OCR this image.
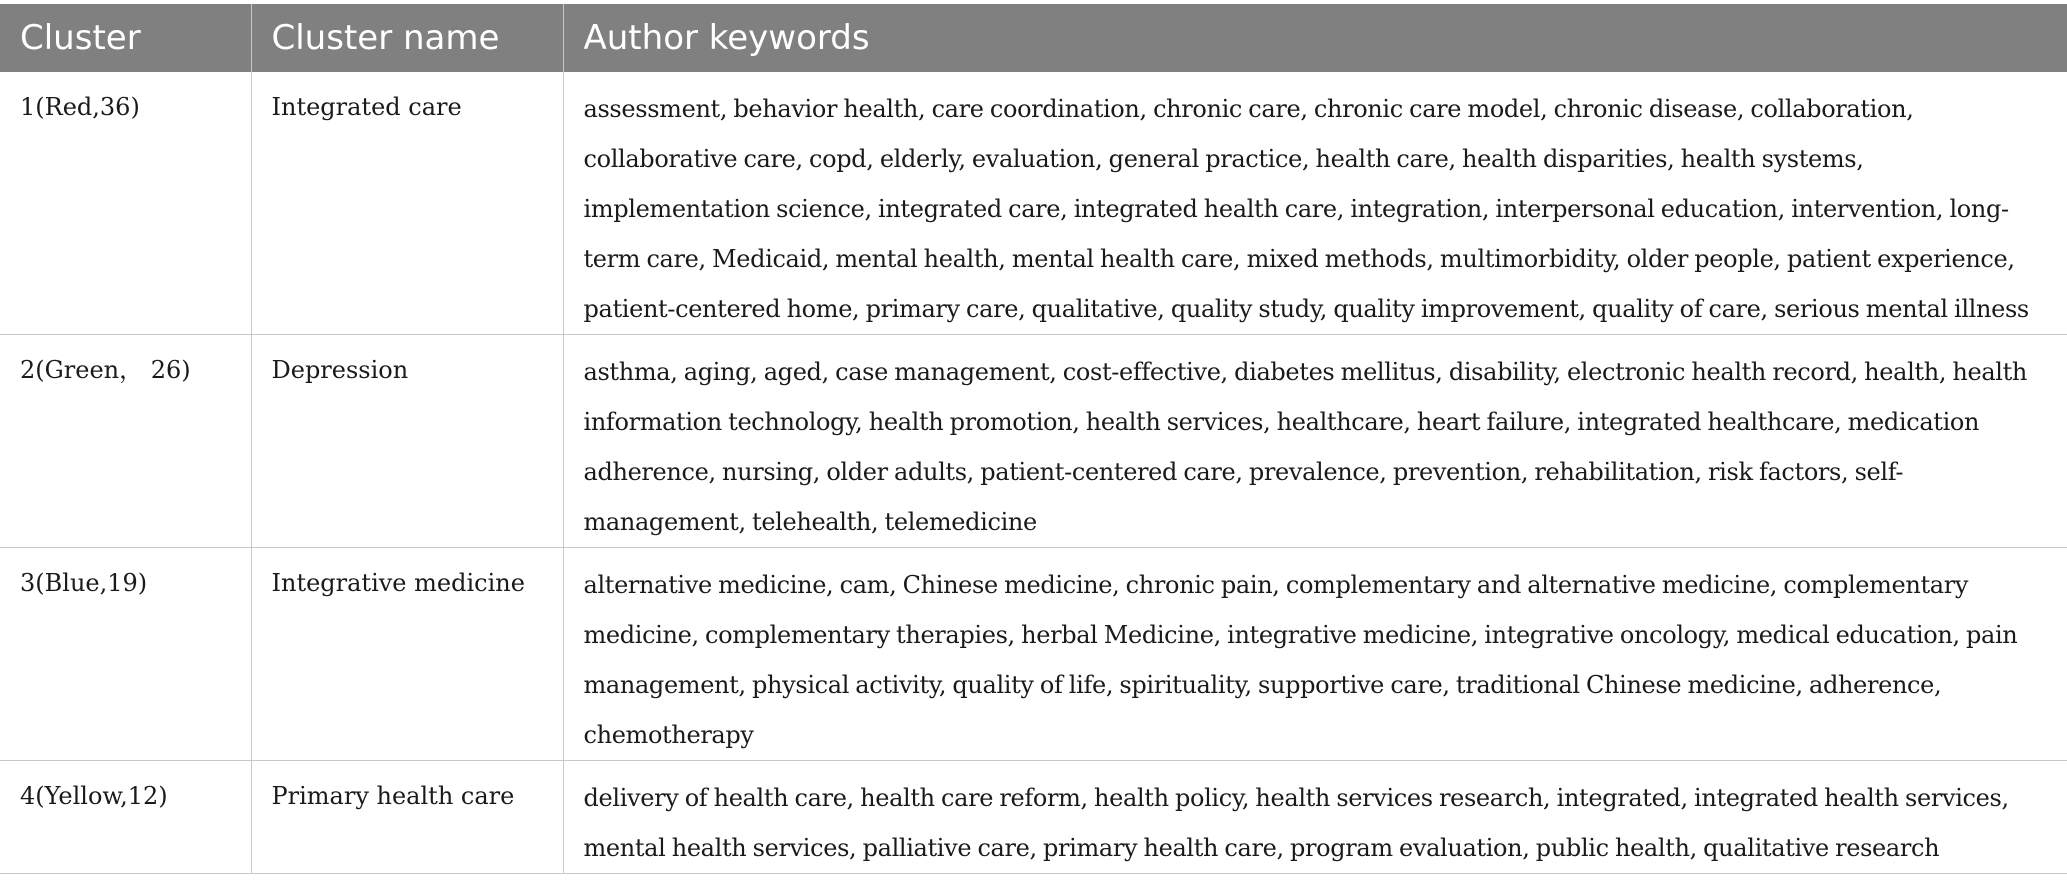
Cluster	Cluster name	Author keywords
1(Red,36)	Integrated care	assessment, behavior health, care coordination, chronic care, chronic care model, chronic disease, collaboration, collaborative care, copd, elderly, evaluation, general practice, health care, health disparities, health systems, implementation science, integrated care, integrated health care, integration, interpersonal education, intervention, long-term care, Medicaid, mental health, mental health care, mixed methods, multimorbidity, older people, patient experience, patient-centered home, primary care, qualitative, quality study, quality improvement, quality of care, serious mental illness
2(Green， 26)	Depression	asthma, aging, aged, case management, cost-effective, diabetes mellitus, disability, electronic health record, health, health information technology, health promotion, health services, healthcare, heart failure, integrated healthcare, medication adherence, nursing, older adults, patient-centered care, prevalence, prevention, rehabilitation, risk factors, self-management, telehealth, telemedicine
3(Blue,19)	Integrative medicine	alternative medicine, cam, Chinese medicine, chronic pain, complementary and alternative medicine, complementary medicine, complementary therapies, herbal Medicine, integrative medicine, integrative oncology, medical education, pain management, physical activity, quality of life, spirituality, supportive care, traditional Chinese medicine, adherence, chemotherapy
4(Yellow,12)	Primary health care	delivery of health care, health care reform, health policy, health services research, integrated, integrated health services, mental health services, palliative care, primary health care, program evaluation, public health, qualitative research
